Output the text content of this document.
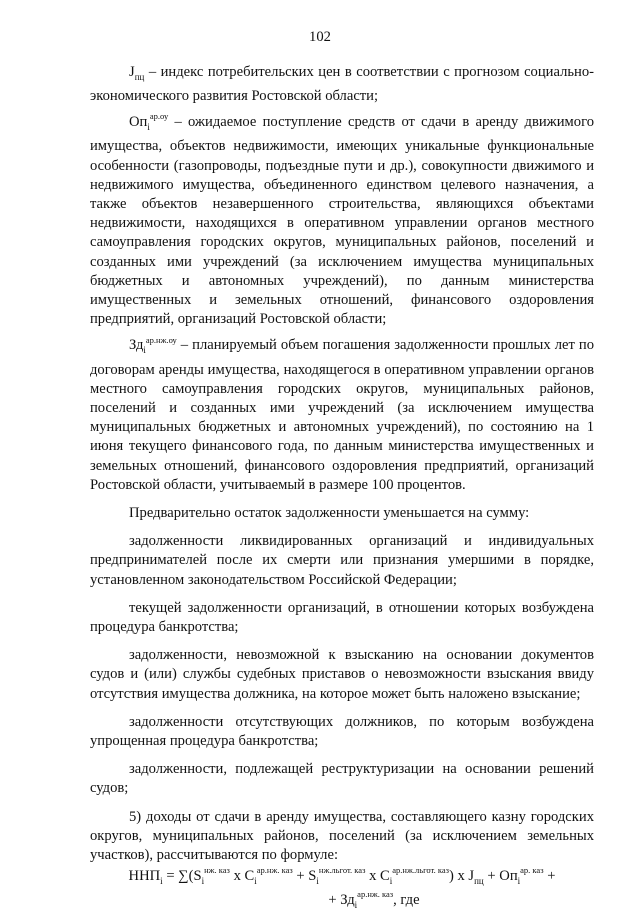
102

$J_{пц}$ – индекс потребительских цен в соответствии с прогнозом социально-экономического развития Ростовской области;

$Оп_i^{ар.оу}$ – ожидаемое поступление средств от сдачи в аренду движимого имущества, объектов недвижимости, имеющих уникальные функциональные особенности (газопроводы, подъездные пути и др.), совокупности движимого и недвижимого имущества, объединенного единством целевого назначения, а также объектов незавершенного строительства, являющихся объектами недвижимости, находящихся в оперативном управлении органов местного самоуправления городских округов, муниципальных районов, поселений и созданных ими учреждений (за исключением имущества муниципальных бюджетных и автономных учреждений), по данным министерства имущественных и земельных отношений, финансового оздоровления предприятий, организаций Ростовской области;

$Зд_i^{ар.нж.оу}$ – планируемый объем погашения задолженности прошлых лет по договорам аренды имущества, находящегося в оперативном управлении органов местного самоуправления городских округов, муниципальных районов, поселений и созданных ими учреждений (за исключением имущества муниципальных бюджетных и автономных учреждений), по состоянию на 1 июня текущего финансового года, по данным министерства имущественных и земельных отношений, финансового оздоровления предприятий, организаций Ростовской области, учитываемый в размере 100 процентов.

Предварительно остаток задолженности уменьшается на сумму:

задолженности ликвидированных организаций и индивидуальных предпринимателей после их смерти или признания умершими в порядке, установленном законодательством Российской Федерации;

текущей задолженности организаций, в отношении которых возбуждена процедура банкротства;

задолженности, невозможной к взысканию на основании документов судов и (или) службы судебных приставов о невозможности взыскания ввиду отсутствия имущества должника, на которое может быть наложено взыскание;

задолженности отсутствующих должников, по которым возбуждена упрощенная процедура банкротства;

задолженности, подлежащей реструктуризации на основании решений судов;

5) доходы от сдачи в аренду имущества, составляющего казну городских округов, муниципальных районов, поселений (за исключением земельных участков), рассчитываются по формуле:

$ННП_i = \sum(S_i^{нж. каз}$ x $C_i^{ар.нж. каз} + S_i^{нж.льгот. каз}$ x $C_i^{ар.нж.льгот. каз}$) x $J_{пц} + Оп_i^{ар. каз}$ +

+ $Зд_i^{ар.нж. каз}$, где
